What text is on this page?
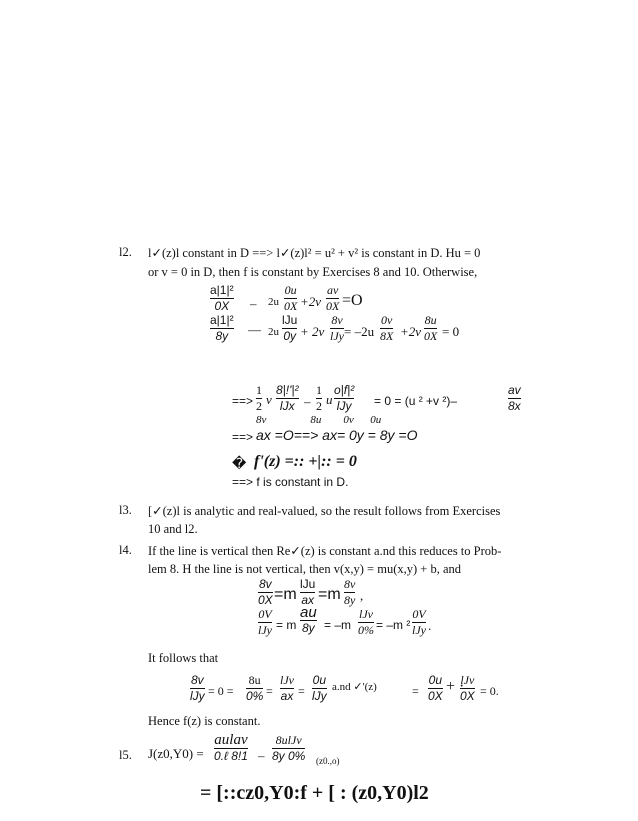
l2. l✓(z)l constant in D ==> l✓(z)l² = u² + v² is constant in D. Hu = 0
or v = 0 in D, then f is constant by Exercises 8 and 10. Otherwise,
a|1|²
0X – 2u
0u
0X +2v
av
0X =O
a|1|²
8y — 2u
lJu
0y + 2v
8v
lJy = –2u
0v
8X +2v
8u
0X = 0
==>
1
2 v
8|!'|²
lJx –
1
2 u
o|f|²
lJy = 0 = (u ² +v ²)–
av
8x
8v                8u        0v      0u
==> ax =O==> ax= 0y = 8y =O
� f'(z) =:: +|:: = 0
==> f is constant in D.
l3. [✓(z)l is analytic and real-valued, so the result follows from Exercises
10 and l2.
l4. If the line is vertical then Re✓(z) is constant a.nd this reduces to Prob-
lem 8. H the line is not vertical, then v(x,y) = mu(x,y) + b, and
8v
0X =m
lJu
ax =m
8v
8y ,
0V
lJy = m
au
8y = –m
lJv
0% = –m ²
0V
lJy .
It follows that
8v
lJy = 0 =
8u
0% =
lJv
ax =
0u
lJy
a.nd ✓'(z)	=
0u
0X
+ ·
lJv
0X = 0.
Hence f(z) is constant.
l5. J(z0,Y0) =
aulav
0.ℓ 8!1 –
8ulJv
8y 0% (z0.,o)
= [::cz0,Y0:f + [ : (z0,Y0)l2
